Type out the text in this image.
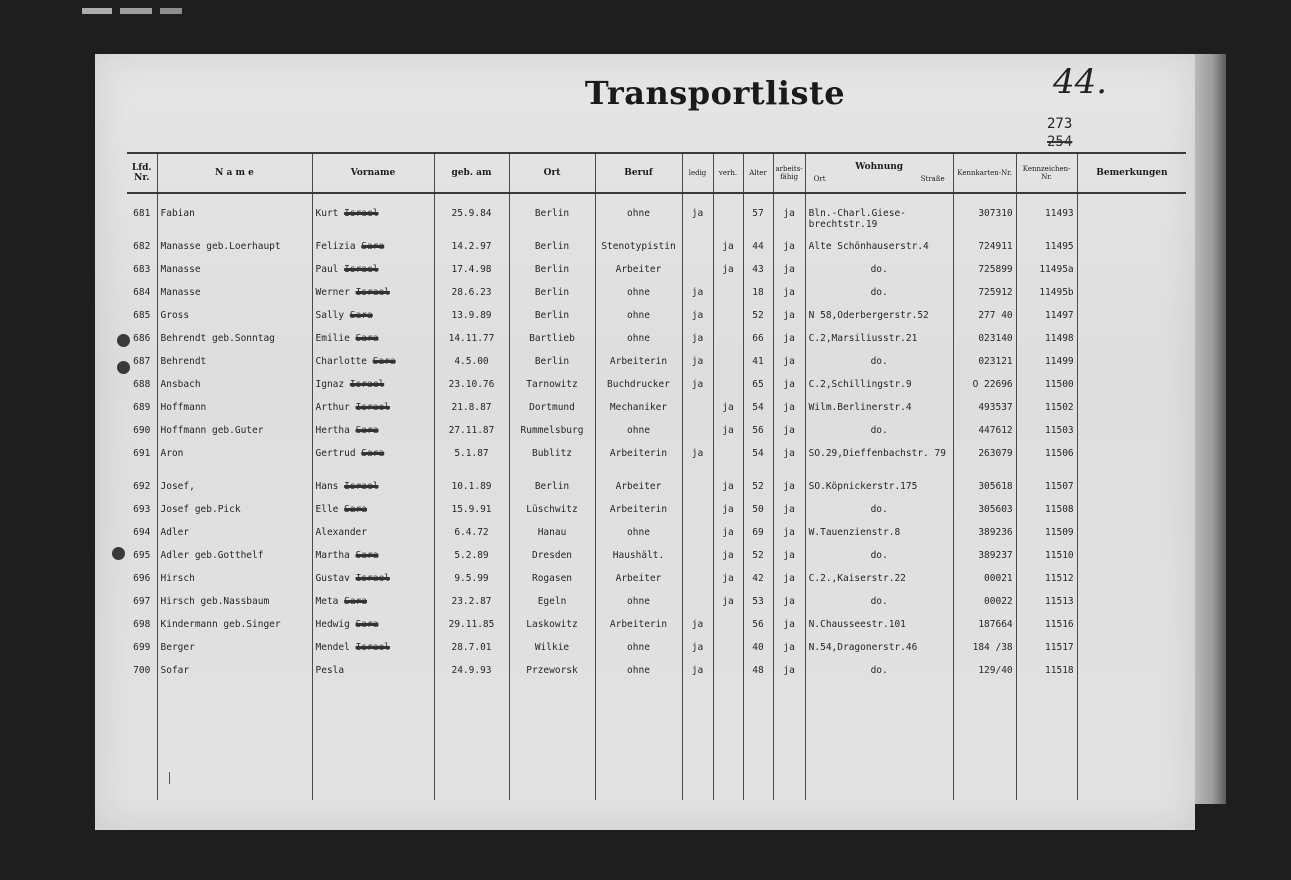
Transportliste	44.
273
254
Lfd. Nr.	N a m e	Vorname	geb. am	Ort	Beruf	ledig	verh.	Alter	arbeits-fähig	Wohnung
Ort Straße	Kennkarten-Nr.	Kennzeichen-Nr.	Bemerkungen
681	Fabian	Kurt Israel	25.9.84	Berlin	ohne	ja		57	ja	Bln.-Charl.Giese-brechtstr.19	307310	11493	
682	Manasse geb.Loerhaupt	Felizia Sara	14.2.97	Berlin	Stenotypistin		ja	44	ja	Alte Schönhauserstr.4	724911	11495	
683	Manasse	Paul Israel	17.4.98	Berlin	Arbeiter		ja	43	ja	do.	725899	11495a	
684	Manasse	Werner Israel	28.6.23	Berlin	ohne	ja		18	ja	do.	725912	11495b	
685	Gross	Sally Sara	13.9.89	Berlin	ohne	ja		52	ja	N 58,Oderbergerstr.52	277 40	11497	
686	Behrendt geb.Sonntag	Emilie Sara	14.11.77	Bartlieb	ohne	ja		66	ja	C.2,Marsiliusstr.21	023140	11498	
687	Behrendt	Charlotte Sara	4.5.00	Berlin	Arbeiterin	ja		41	ja	do.	023121	11499	
688	Ansbach	Ignaz Israel	23.10.76	Tarnowitz	Buchdrucker	ja		65	ja	C.2,Schillingstr.9	O 22696	11500	
689	Hoffmann	Arthur Israel	21.8.87	Dortmund	Mechaniker		ja	54	ja	Wilm.Berlinerstr.4	493537	11502	
690	Hoffmann geb.Guter	Hertha Sara	27.11.87	Rummelsburg	ohne		ja	56	ja	do.	447612	11503	
691	Aron	Gertrud Sara	5.1.87	Bublitz	Arbeiterin	ja		54	ja	SO.29,Dieffenbachstr. 79	263079	11506	
692	Josef,	Hans Israel	10.1.89	Berlin	Arbeiter		ja	52	ja	SO.Köpnickerstr.175	305618	11507	
693	Josef geb.Pick	Elle Sara	15.9.91	Lüschwitz	Arbeiterin		ja	50	ja	do.	305603	11508	
694	Adler	Alexander	6.4.72	Hanau	ohne		ja	69	ja	W.Tauenzienstr.8	389236	11509	
695	Adler geb.Gotthelf	Martha Sara	5.2.89	Dresden	Haushält.		ja	52	ja	do.	389237	11510	
696	Hirsch	Gustav Israel	9.5.99	Rogasen	Arbeiter		ja	42	ja	C.2.,Kaiserstr.22	00021	11512	
697	Hirsch geb.Nassbaum	Meta Sara	23.2.87	Egeln	ohne		ja	53	ja	do.	00022	11513	
698	Kindermann geb.Singer	Hedwig Sara	29.11.85	Laskowitz	Arbeiterin	ja		56	ja	N.Chausseestr.101	187664	11516	
699	Berger	Mendel Israel	28.7.01	Wilkie	ohne	ja		40	ja	N.54,Dragonerstr.46	184 /38	11517	
700	Sofar	Pesla	24.9.93	Przeworsk	ohne	ja		48	ja	do.	129/40	11518	
